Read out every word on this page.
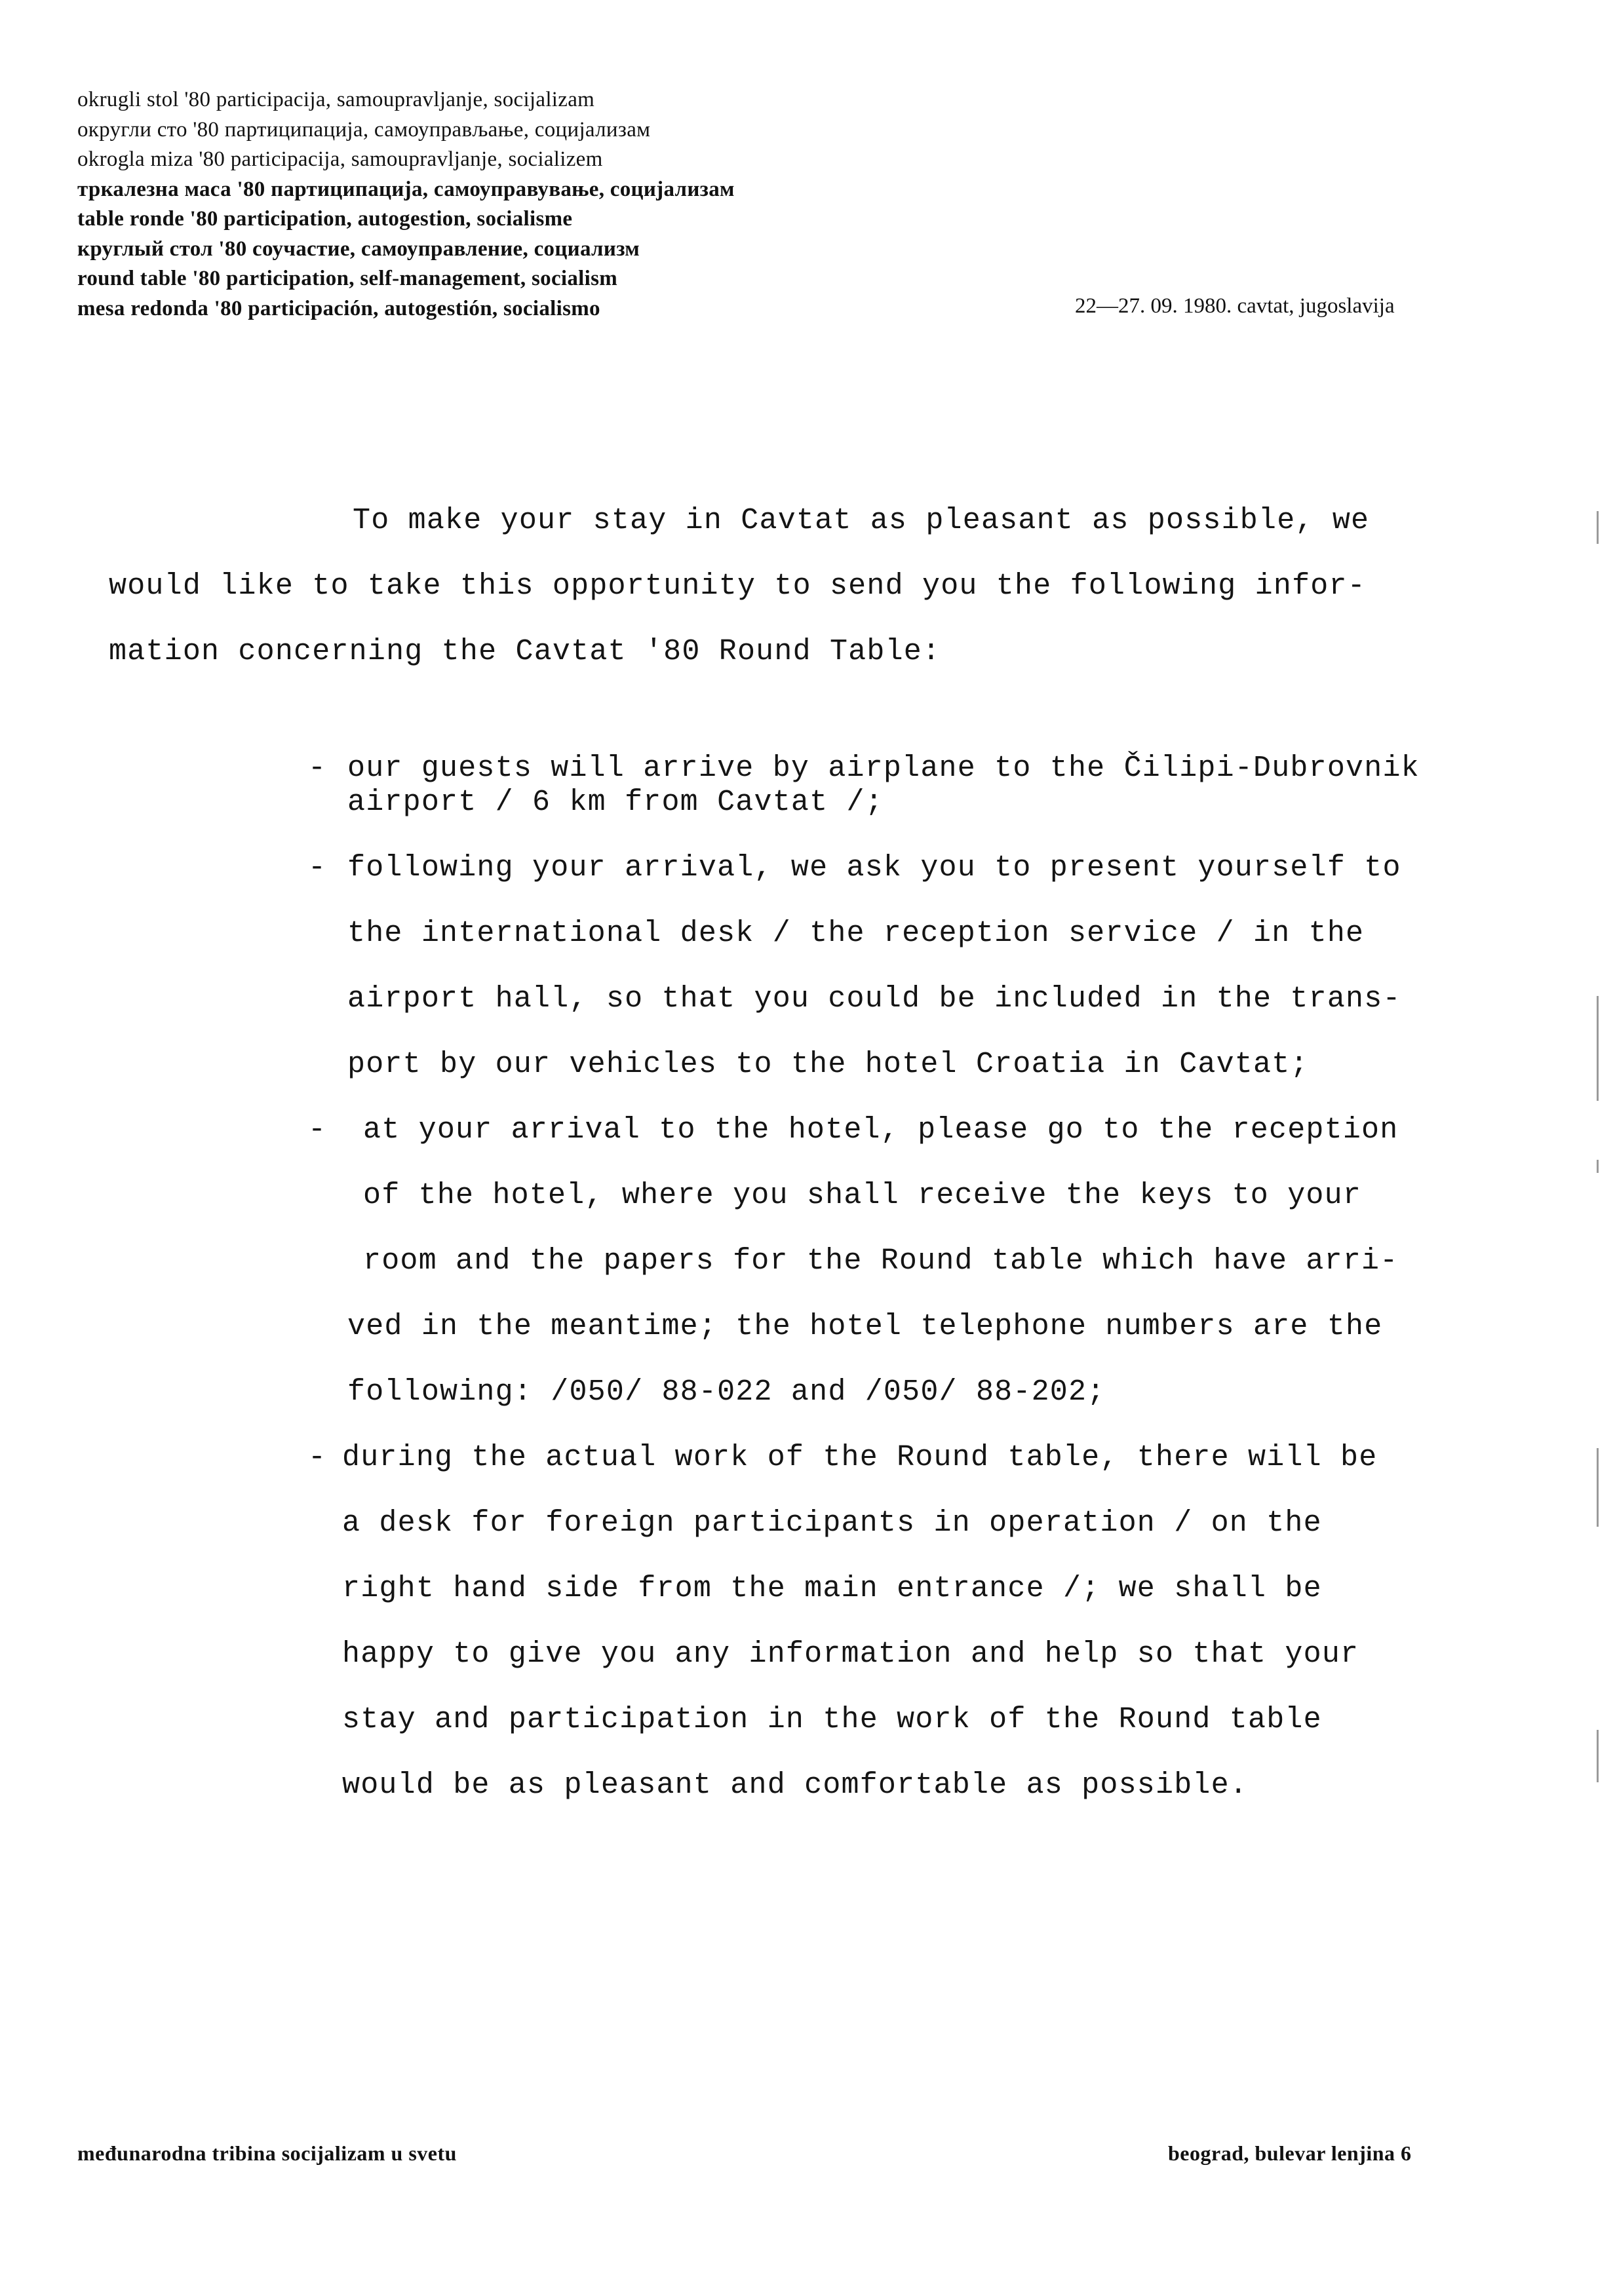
okrugli stol '80 participacija, samoupravljanje, socijalizam
округли сто '80 партиципација, самоуправљање, социјализам
okrogla miza '80 participacija, samoupravljanje, socializem
тркалезна маса '80 партиципација, самоуправување, социјализам
table ronde '80 participation, autogestion, socialisme
круглый стол '80 соучастие, самоуправление, социализм
round table '80 participation, self-management, socialism
mesa redonda '80 participación, autogestión, socialismo	22—27. 09. 1980. cavtat, jugoslavija
To make your stay in Cavtat as pleasant as possible, we
would like to take this opportunity to send you the following infor-
mation concerning the Cavtat '80 Round Table:
- our guests will arrive by airplane to the Čilipi-Dubrovnik
airport / 6 km from Cavtat /;
- following your arrival, we ask you to present yourself to
the international desk / the reception service / in the
airport hall, so that you could be included in the trans-
port by our vehicles to the hotel Croatia in Cavtat;
- at your arrival to the hotel, please go to the reception
of the hotel, where you shall receive the keys to your
room and the papers for the Round table which have arri-
ved in the meantime; the hotel telephone numbers are the
following: /050/ 88-022 and /050/ 88-202;
- during the actual work of the Round table, there will be
a desk for foreign participants in operation / on the
right hand side from the main entrance /; we shall be
happy to give you any information and help so that your
stay and participation in the work of the Round table
would be as pleasant and comfortable as possible.
međunarodna tribina socijalizam u svetu	beograd, bulevar lenjina 6
